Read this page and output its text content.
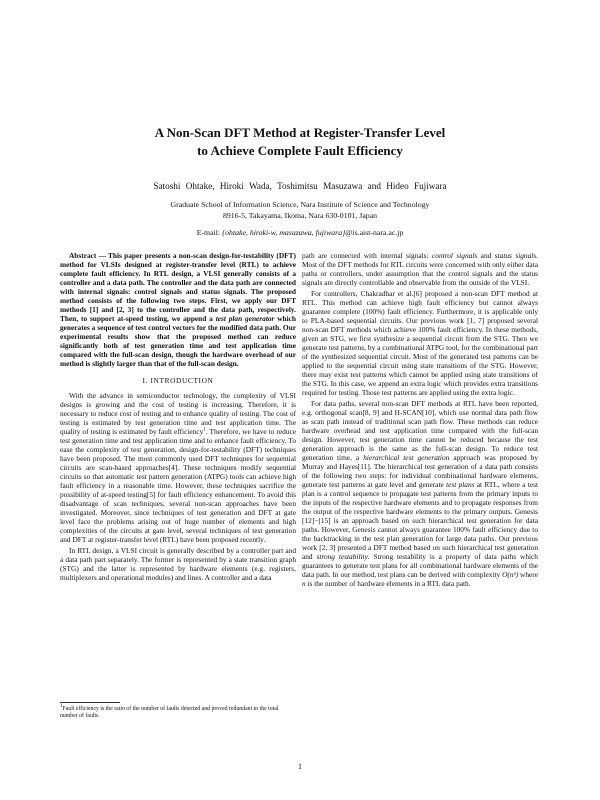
A Non-Scan DFT Method at Register-Transfer Level
to Achieve Complete Fault Efficiency
Satoshi Ohtake, Hiroki Wada, Toshimitsu Masuzawa and Hideo Fujiwara
Graduate School of Information Science, Nara Institute of Science and Technology
8916-5, Takayama, Ikoma, Nara 630-0101, Japan
E-mail: {ohtake, hiroki-w, masuzawa, fujiwara}@is.aist-nara.ac.jp

Abstract — This paper presents a non-scan design-for-testability (DFT) method for VLSIs designed at register-transfer level (RTL) to achieve complete fault efficiency. In RTL design, a VLSI generally consists of a controller and a data path. The controller and the data path are connected with internal signals: control signals and status signals. The proposed method consists of the following two steps. First, we apply our DFT methods [1] and [2, 3] to the controller and the data path, respectively. Then, to support at-speed testing, we append a test plan generator which generates a sequence of test control vectors for the modified data path. Our experimental results show that the proposed method can reduce significantly both of test generation time and test application time compared with the full-scan design, though the hardware overhead of our method is slightly larger than that of the full-scan design.

I. INTRODUCTION

With the advance in semiconductor technology, the complexity of VLSI designs is growing and the cost of testing is increasing. Therefore, it is necessary to reduce cost of testing and to enhance quality of testing. The cost of testing is estimated by test generation time and test application time. The quality of testing is estimated by fault efficiency$^1$. Therefore, we have to reduce test generation time and test application time and to enhance fault efficiency. To ease the complexity of test generation, design-for-testability (DFT) techniques have been proposed. The most commonly used DFT techniques for sequential circuits are scan-based approaches[4]. These techniques modify sequential circuits so that automatic test pattern generation (ATPG) tools can achieve high fault efficiency in a reasonable time. However, these techniques sacrifice the possibility of at-speed testing[5] for fault efficiency enhancement. To avoid this disadvantage of scan techniques, several non-scan approaches have been investigated. Moreover, since techniques of test generation and DFT at gate level face the problems arising out of huge number of elements and high complexities of the circuits at gate level, several techniques of test generation and DFT at register-transfer level (RTL) have been proposed recently.

In RTL design, a VLSI circuit is generally described by a controller part and a data path part separately. The former is represented by a state transition graph (STG) and the latter is represented by hardware elements (e.g. registers, multiplexers and operational modules) and lines. A controller and a data

path are connected with internal signals: control signals and status signals. Most of the DFT methods for RTL circuits were concerned with only either data paths or controllers, under assumption that the control signals and the status signals are directly controllable and observable from the outside of the VLSI.

For controllers, Chakradhar et al.[6] proposed a non-scan DFT method at RTL. This method can achieve high fault efficiency but cannot always guarantee complete (100%) fault efficiency. Furthermore, it is applicable only to PLA-based sequential circuits. Our previous work [1, 7] proposed several non-scan DFT methods which achieve 100% fault efficiency. In these methods, given an STG, we first synthesize a sequential circuit from the STG. Then we generate test patterns, by a combinational ATPG tool, for the combinational part of the synthesized sequential circuit. Most of the generated test patterns can be applied to the sequential circuit using state transitions of the STG. However, there may exist test patterns which cannot be applied using state transitions of the STG. In this case, we append an extra logic which provides extra transitions required for testing. Those test patterns are applied using the extra logic.

For data paths, several non-scan DFT methods at RTL have been reported, e.g. orthogonal scan[8, 9] and H-SCAN[10], which use normal data path flow as scan path instead of traditional scan path flow. These methods can reduce hardware overhead and test application time compared with the full-scan design. However, test generation time cannot be reduced because the test generation approach is the same as the full-scan design. To reduce test generation time, a hierarchical test generation approach was proposed by Murray and Hayes[11]. The hierarchical test generation of a data path consists of the following two steps: for individual combinational hardware elements, generate test patterns at gate level and generate test plans at RTL, where a test plan is a control sequence to propagate test patterns from the primary inputs to the inputs of the respective hardware elements and to propagate responses from the output of the respective hardware elements to the primary outputs. Genesis [12]−[15] is an approach based on such hierarchical test generation for data paths. However, Genesis cannot always guarantee 100% fault efficiency due to the backtracking in the test plan generation for large data paths. Our previous work [2, 3] presented a DFT method based on such hierarchical test generation and strong testability. Strong testability is a property of data paths which guarantees to generate test plans for all combinational hardware elements of the data path. In our method, test plans can be derived with complexity O(n²) where n is the number of hardware elements in a RTL data path.

$^1$Fault efficiency is the ratio of the number of faults detected and proved redundant to the total number of faults.
1
